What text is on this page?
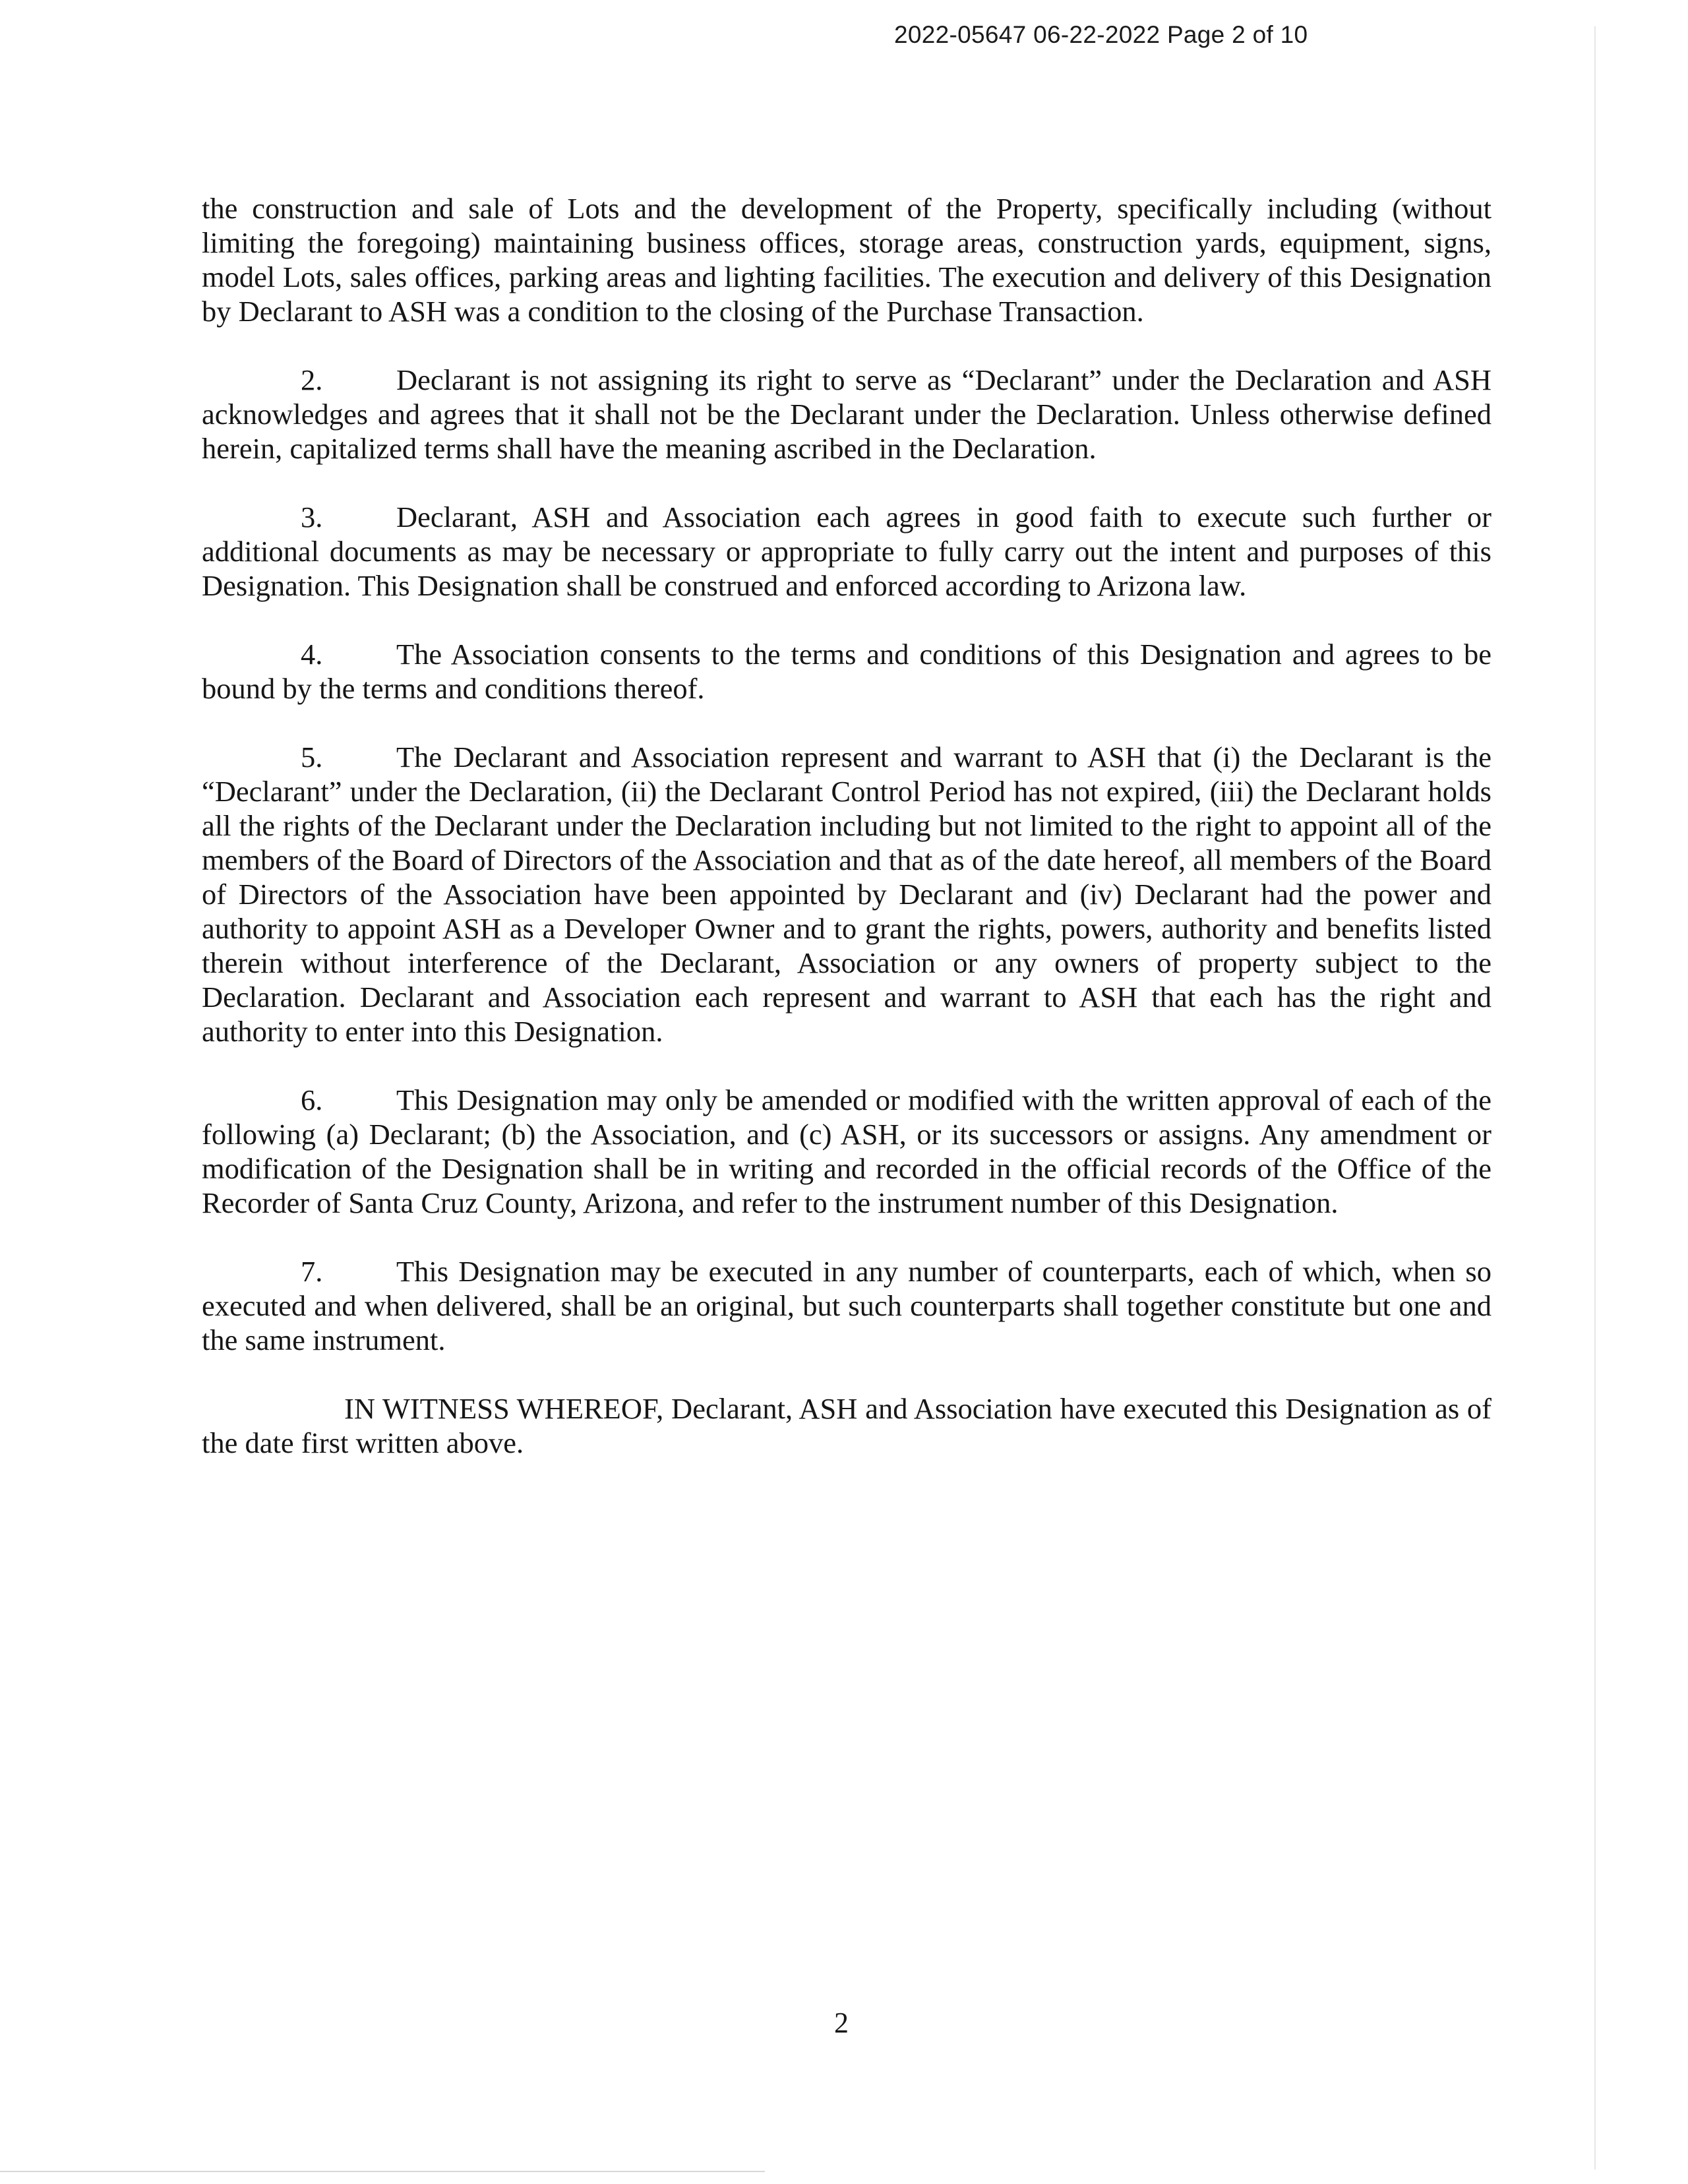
2022-05647 06-22-2022 Page 2 of 10

the construction and sale of Lots and the development of the Property, specifically including (without limiting the foregoing) maintaining business offices, storage areas, construction yards, equipment, signs, model Lots, sales offices, parking areas and lighting facilities. The execution and delivery of this Designation by Declarant to ASH was a condition to the closing of the Purchase Transaction.

2.	Declarant is not assigning its right to serve as “Declarant” under the Declaration and ASH acknowledges and agrees that it shall not be the Declarant under the Declaration. Unless otherwise defined herein, capitalized terms shall have the meaning ascribed in the Declaration.

3.	Declarant, ASH and Association each agrees in good faith to execute such further or additional documents as may be necessary or appropriate to fully carry out the intent and purposes of this Designation. This Designation shall be construed and enforced according to Arizona law.

4.	The Association consents to the terms and conditions of this Designation and agrees to be bound by the terms and conditions thereof.

5.	The Declarant and Association represent and warrant to ASH that (i) the Declarant is the “Declarant” under the Declaration, (ii) the Declarant Control Period has not expired, (iii) the Declarant holds all the rights of the Declarant under the Declaration including but not limited to the right to appoint all of the members of the Board of Directors of the Association and that as of the date hereof, all members of the Board of Directors of the Association have been appointed by Declarant and (iv) Declarant had the power and authority to appoint ASH as a Developer Owner and to grant the rights, powers, authority and benefits listed therein without interference of the Declarant, Association or any owners of property subject to the Declaration. Declarant and Association each represent and warrant to ASH that each has the right and authority to enter into this Designation.

6.	This Designation may only be amended or modified with the written approval of each of the following (a) Declarant; (b) the Association, and (c) ASH, or its successors or assigns. Any amendment or modification of the Designation shall be in writing and recorded in the official records of the Office of the Recorder of Santa Cruz County, Arizona, and refer to the instrument number of this Designation.

7.	This Designation may be executed in any number of counterparts, each of which, when so executed and when delivered, shall be an original, but such counterparts shall together constitute but one and the same instrument.

IN WITNESS WHEREOF, Declarant, ASH and Association have executed this Designation as of the date first written above.

2
